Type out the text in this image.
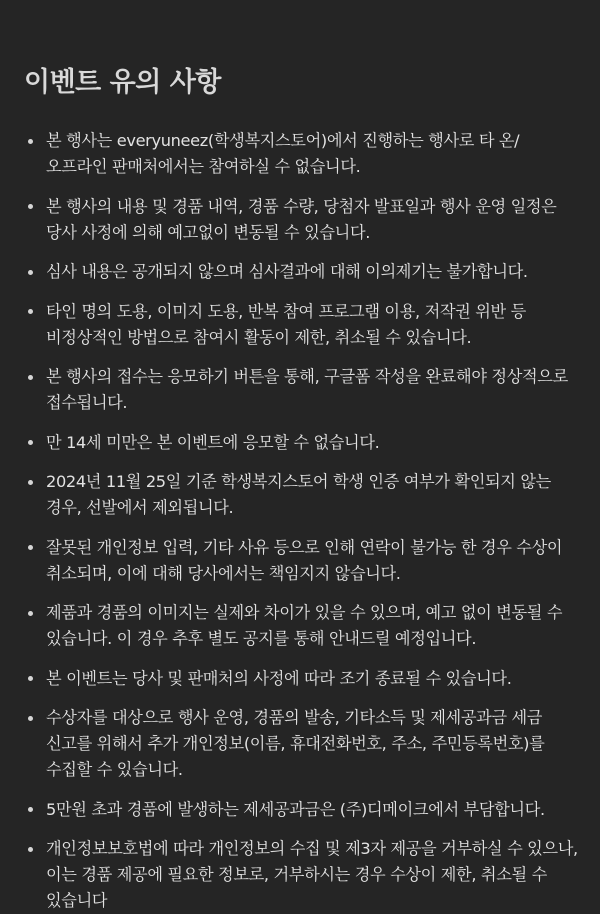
이벤트 유의 사항
본 행사는 everyuneez(학생복지스토어)에서 진행하는 행사로 타 온/오프라인 판매처에서는 참여하실 수 없습니다.
본 행사의 내용 및 경품 내역, 경품 수량, 당첨자 발표일과 행사 운영 일정은 당사 사정에 의해 예고없이 변동될 수 있습니다.
심사 내용은 공개되지 않으며 심사결과에 대해 이의제기는 불가합니다.
타인 명의 도용, 이미지 도용, 반복 참여 프로그램 이용, 저작권 위반 등 비정상적인 방법으로 참여시 활동이 제한, 취소될 수 있습니다.
본 행사의 접수는 응모하기 버튼을 통해, 구글폼 작성을 완료해야 정상적으로 접수됩니다.
만 14세 미만은 본 이벤트에 응모할 수 없습니다.
2024년 11월 25일 기준 학생복지스토어 학생 인증 여부가 확인되지 않는 경우, 선발에서 제외됩니다.
잘못된 개인정보 입력, 기타 사유 등으로 인해 연락이 불가능 한 경우 수상이 취소되며, 이에 대해 당사에서는 책임지지 않습니다.
제품과 경품의 이미지는 실제와 차이가 있을 수 있으며, 예고 없이 변동될 수 있습니다. 이 경우 추후 별도 공지를 통해 안내드릴 예정입니다.
본 이벤트는 당사 및 판매처의 사정에 따라 조기 종료될 수 있습니다.
수상자를 대상으로 행사 운영, 경품의 발송, 기타소득 및 제세공과금 세금 신고를 위해서 추가 개인정보(이름, 휴대전화번호, 주소, 주민등록번호)를 수집할 수 있습니다.
5만원 초과 경품에 발생하는 제세공과금은 (주)디메이크에서 부담합니다.
개인정보보호법에 따라 개인정보의 수집 및 제3자 제공을 거부하실 수 있으나, 이는 경품 제공에 필요한 정보로, 거부하시는 경우 수상이 제한, 취소될 수 있습니다
